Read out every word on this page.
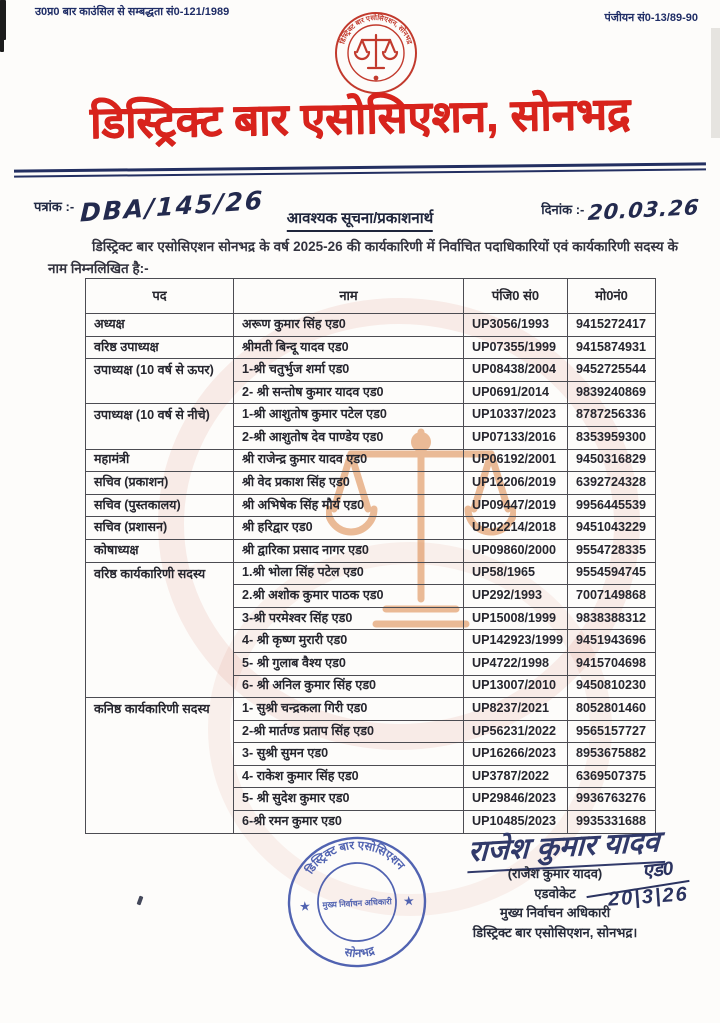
उ0प्र0 बार काउंसिल से सम्बद्धता सं0-121/1989	पंजीयन सं0-13/89-90
डिस्ट्रिक्ट बार एसोसिएशन, सोनभद्र
डिस्ट्रिक्ट बार एसोसिएशन, सोनभद्र
पत्रांक :- DBA/145/26 आवश्यक सूचना/प्रकाशनार्थ
दिनांक :- 20.03.26
डिस्ट्रिक्ट बार एसोसिएशन सोनभद्र के वर्ष 2025-26 की कार्यकारिणी में निर्वाचित पदाधिकारियों एवं कार्यकारिणी सदस्य के नाम निम्नलिखित है:-
पद	नाम	पंजि0 सं0	मो0नं0
अध्यक्ष	अरूण कुमार सिंह एड0	UP3056/1993	9415272417
वरिष्ठ उपाध्यक्ष	श्रीमती बिन्दू यादव एड0	UP07355/1999	9415874931
उपाध्यक्ष (10 वर्ष से ऊपर)	1-श्री चतुर्भुज शर्मा एड0	UP08438/2004	9452725544
	2- श्री सन्तोष कुमार यादव एड0	UP0691/2014	9839240869
उपाध्यक्ष (10 वर्ष से नीचे)	1-श्री आशुतोष कुमार पटेल एड0	UP10337/2023	8787256336
	2-श्री आशुतोष देव पाण्डेय एड0	UP07133/2016	8353959300
महामंत्री	श्री राजेन्द्र कुमार यादव एड0	UP06192/2001	9450316829
सचिव (प्रकाशन)	श्री वेद प्रकाश सिंह एड0	UP12206/2019	6392724328
सचिव (पुस्तकालय)	श्री अभिषेक सिंह मौर्य एड0	UP09447/2019	9956445539
सचिव (प्रशासन)	श्री हरिद्वार एड0	UP02214/2018	9451043229
कोषाध्यक्ष	श्री द्वारिका प्रसाद नागर एड0	UP09860/2000	9554728335
वरिष्ठ कार्यकारिणी सदस्य	1.श्री भोला सिंह पटेल एड0	UP58/1965	9554594745
	2.श्री अशोक कुमार पाठक एड0	UP292/1993	7007149868
	3-श्री परमेश्वर सिंह एड0	UP15008/1999	9838388312
	4- श्री कृष्ण मुरारी एड0	UP142923/1999	9451943696
	5- श्री गुलाब वैश्य एड0	UP4722/1998	9415704698
	6- श्री अनिल कुमार सिंह एड0	UP13007/2010	9450810230
कनिष्ठ कार्यकारिणी सदस्य	1- सुश्री चन्द्रकला गिरी एड0	UP8237/2021	8052801460
	2-श्री मार्तण्ड प्रताप सिंह एड0	UP56231/2022	9565157727
	3- सुश्री सुमन एड0	UP16266/2023	8953675882
	4- राकेश कुमार सिंह एड0	UP3787/2022	6369507375
	5- श्री सुदेश कुमार एड0	UP29846/2023	9936763276
	6-श्री रमन कुमार एड0	UP10485/2023	9935331688
डिस्ट्रिक्ट बार एसोसिएशन
सोनभद्र
★	★
मुख्य निर्वाचन अधिकारी
राजेश कुमार यादव
(राजेश कुमार यादव)
एडवोकेट
मुख्य निर्वाचन अधिकारी
डिस्ट्रिक्ट बार एसोसिएशन, सोनभद्र।
एड0
20|3|26
